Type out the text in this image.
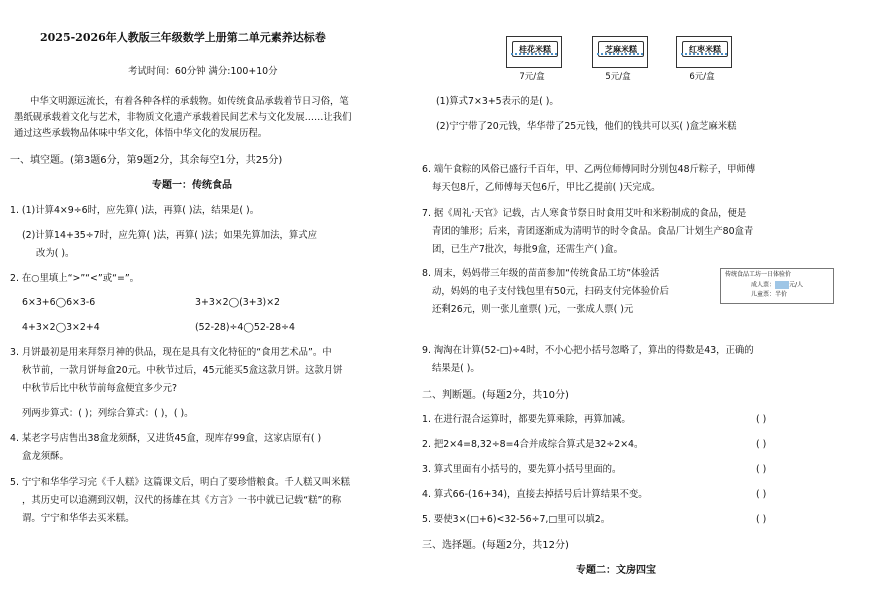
2025-2026年人教版三年级数学上册第二单元素养达标卷
考试时间：60分钟 满分:100+10分
中华文明源远流长，有着各种各样的承载物。如传统食品承载着节日习俗，笔
墨纸砚承载着文化与艺术，非物质文化遗产承载着民间艺术与文化发展……让我们
通过这些承载物品体味中华文化，体悟中华文化的发展历程。
一、填空题。(第3题6分，第9题2分，其余每空1分，共25分)
专题一：传统食品
1. (1)计算4×9÷6时，应先算( )法，再算( )法，结果是( )。
(2)计算14+35÷7时，应先算( )法，再算( )法；如果先算加法，算式应
改为( )。
2. 在○里填上“>”“<”或“=”。
6×3+6◯6×3-6	3+3×2◯(3+3)×2
4+3×2◯3×2+4	(52-28)÷4◯52-28÷4
3. 月饼最初是用来拜祭月神的供品，现在是具有文化特征的“食用艺术品”。中
秋节前，一款月饼每盒20元。中秋节过后，45元能买5盒这款月饼。这款月饼
中秋节后比中秋节前每盒便宜多少元?
列两步算式：( )；列综合算式：( )，( )。
4. 某老字号店售出38盒龙须酥，又进货45盒，现库存99盒，这家店原有( )
盒龙须酥。
5. 宁宁和华华学习完《千人糕》这篇课文后，明白了要珍惜粮食。千人糕又叫米糕
，其历史可以追溯到汉朝，汉代的扬雄在其《方言》一书中就已记载“糕”的称
谓。宁宁和华华去买米糕。
桂花米糕
7元/盒
芝麻米糕
5元/盒
红枣米糕
6元/盒
(1)算式7×3+5表示的是( )。
(2)宁宁带了20元钱，华华带了25元钱，他们的钱共可以买( )盒芝麻米糕
6. 端午食粽的风俗已盛行千百年，甲、乙两位师傅同时分别包48斤粽子，甲师傅
每天包8斤，乙师傅每天包6斤，甲比乙提前( )天完成。
7. 据《周礼·天官》记载，古人寒食节祭日时食用艾叶和米粉制成的食品，便是
青团的雏形；后来，青团逐渐成为清明节的时令食品。食品厂计划生产80盒青
团，已生产7批次，每批9盒，还需生产( )盒。
8. 周末，妈妈带三年级的苗苗参加“传统食品工坊”体验活
动，妈妈的电子支付钱包里有50元，扫码支付完体验价后
还剩26元，则一张儿童票( )元，一张成人票( )元
传统食品工坊一日体验价
成人票： 元/人
儿童票：半价
9. 淘淘在计算(52-□)÷4时，不小心把小括号忽略了，算出的得数是43，正确的
结果是( )。
二、判断题。(每题2分，共10分)
1. 在进行混合运算时，都要先算乘除，再算加减。	( )
2. 把2×4=8,32÷8=4合并成综合算式是32÷2×4。	( )
3. 算式里面有小括号的，要先算小括号里面的。	( )
4. 算式66-(16+34)，直接去掉括号后计算结果不变。	( )
5. 要使3×(□+6)<32-56÷7,□里可以填2。	( )
三、选择题。(每题2分，共12分)
专题二：文房四宝
